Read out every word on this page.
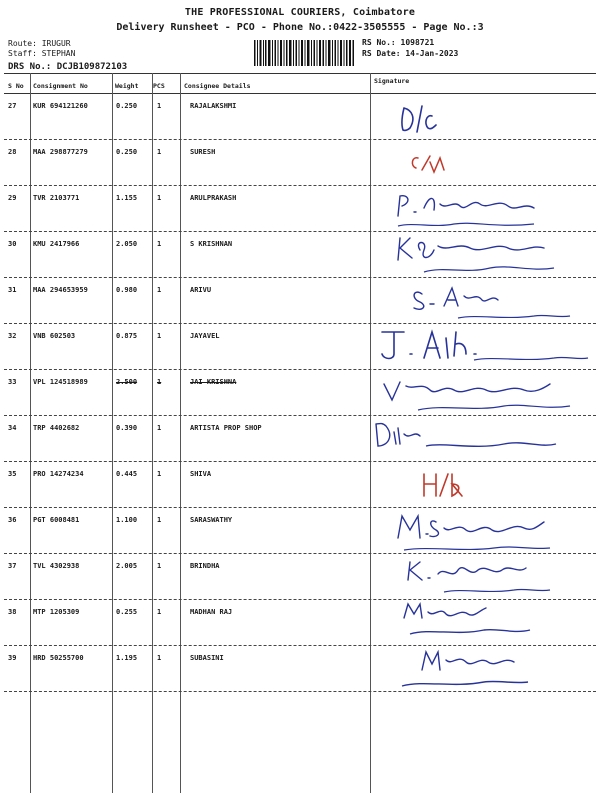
THE PROFESSIONAL COURIERS, Coimbatore
Delivery Runsheet - PCO - Phone No.:0422-3505555 - Page No.:3
Route: IRUGUR
Staff: STEPHAN
DRS No.: DCJB109872103
RS No.: 1098721
RS Date: 14-Jan-2023
S No Consignment No	Weight PCS	Consignee Details
Signature
27 KUR 694121260	0.250	1	RAJALAKSHMI
28 MAA 298877279	0.250	1	SURESH
29 TVR 2103771	1.155	1	ARULPRAKASH
30 KMU 2417966	2.050	1	S KRISHNAN
31 MAA 294653959	0.980	1	ARIVU
32 VNB 602503	0.875	1	JAYAVEL
33 VPL 124518989	2.500	1	JAI KRISHNA
34 TRP 4402682	0.390	1	ARTISTA PROP SHOP
35 PRO 14274234	0.445	1	SHIVA
36 PGT 6008481	1.100	1	SARASWATHY
37 TVL 4302938	2.005	1	BRINDHA
38 MTP 1205309	0.255	1	MADHAN RAJ
39 HRD 50255700	1.195	1	SUBASINI
